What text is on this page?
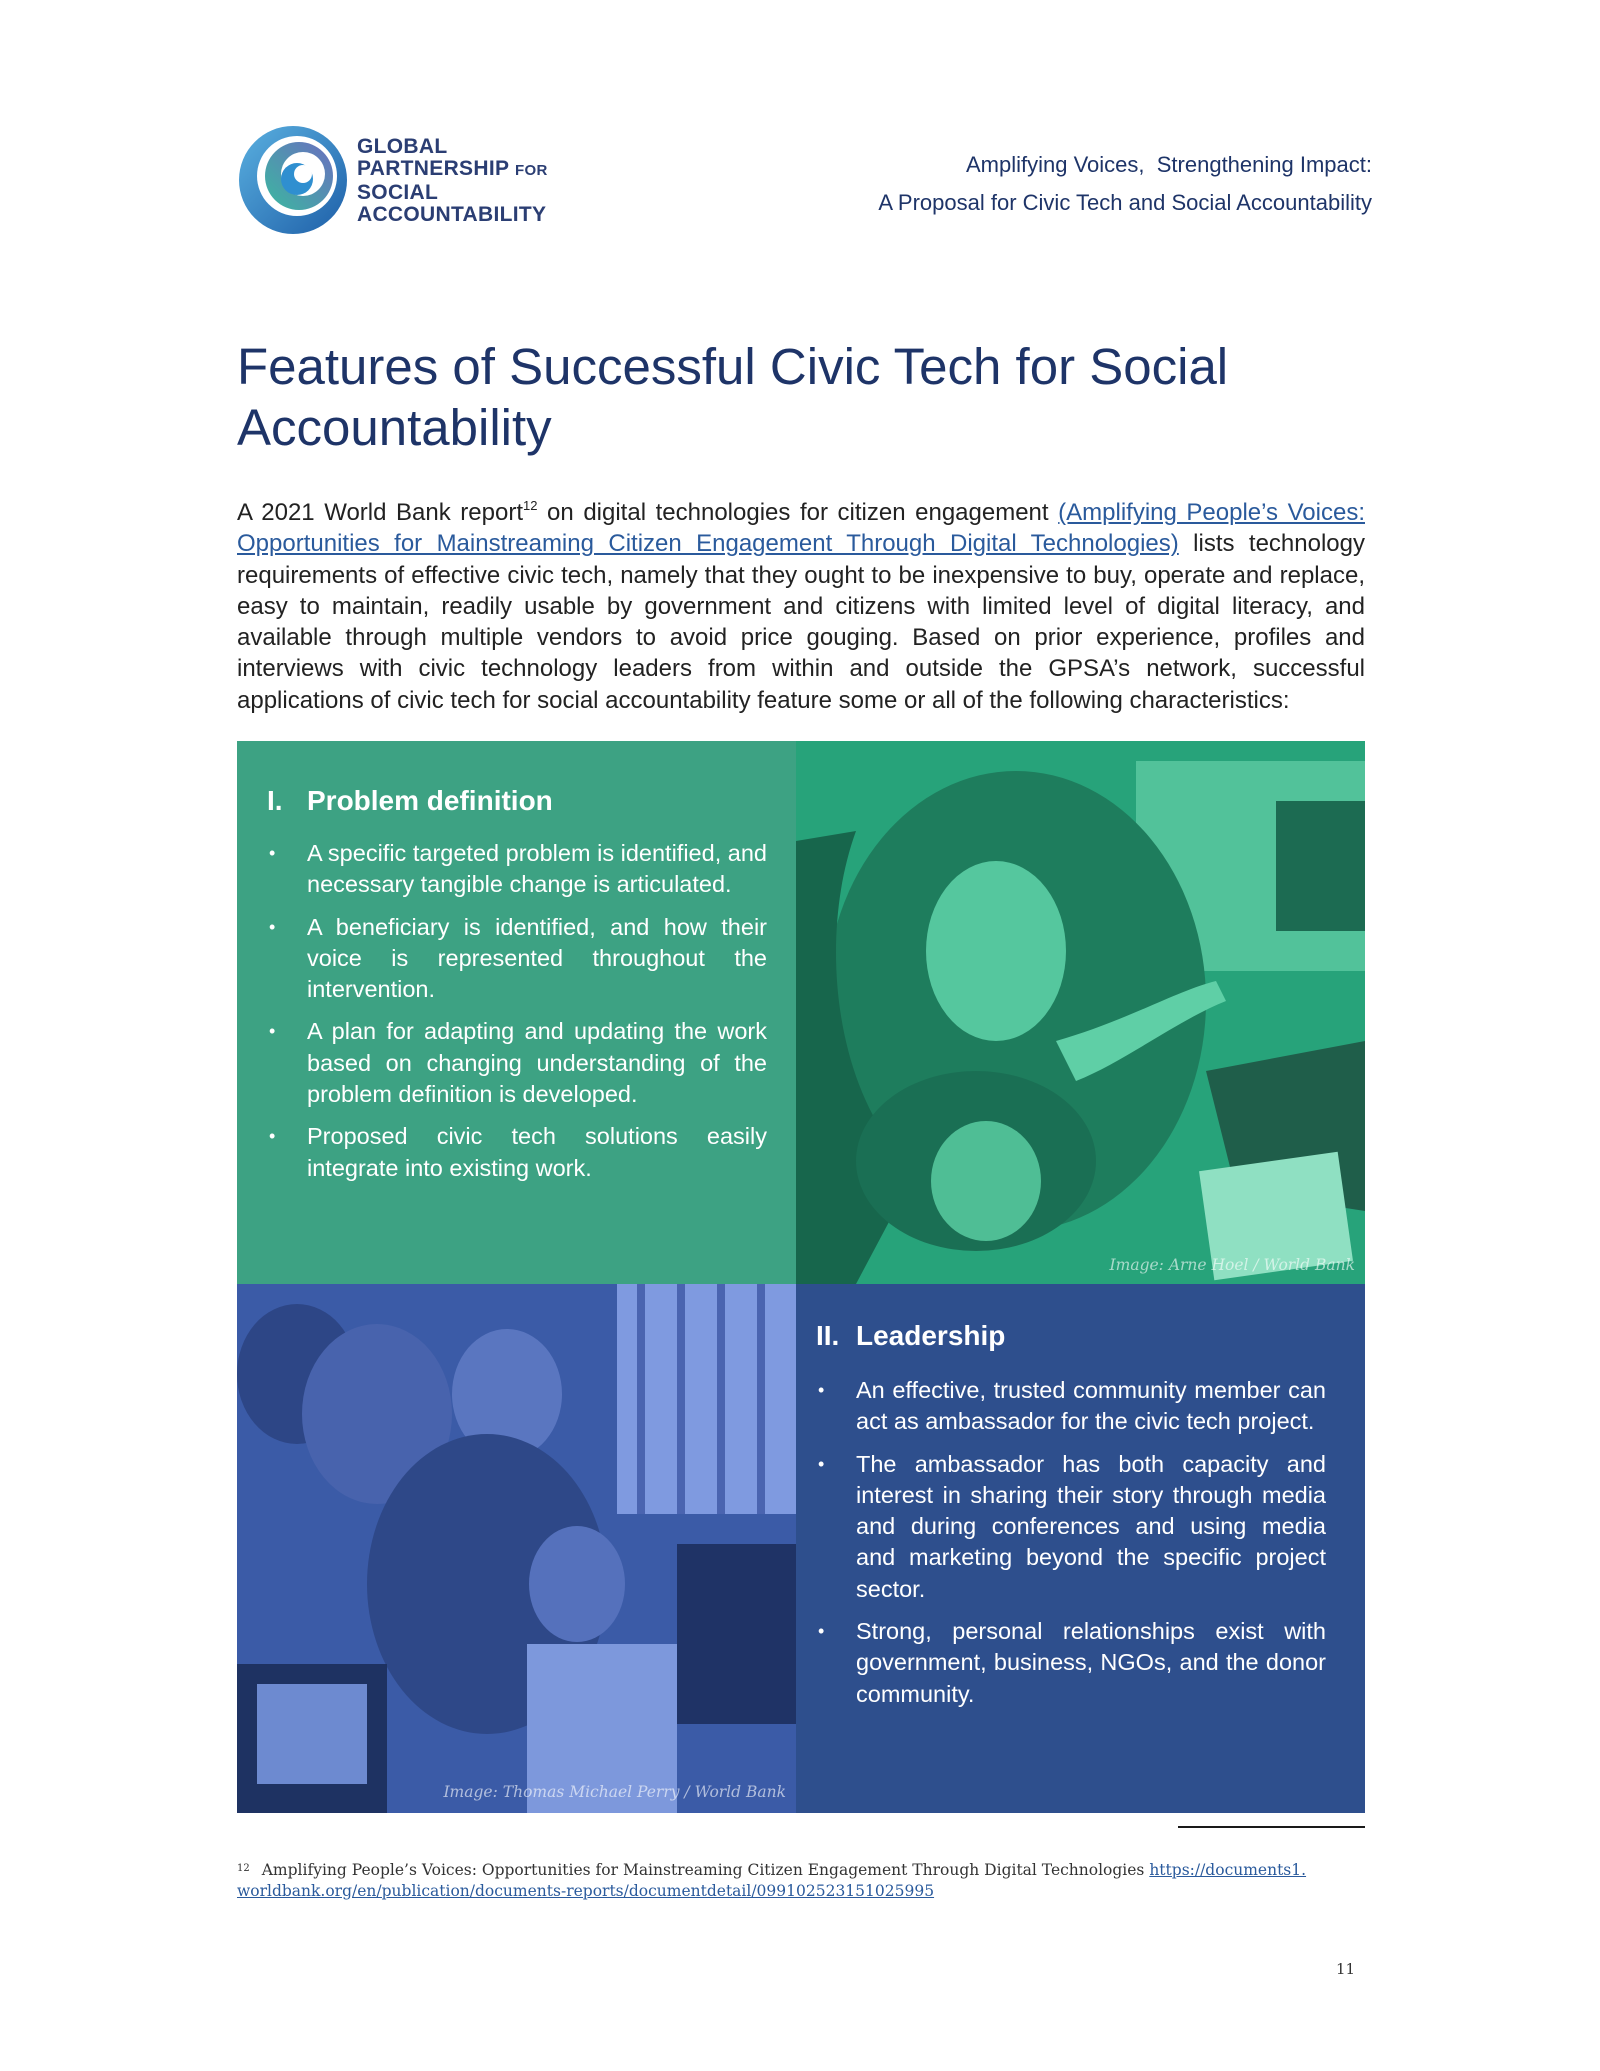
GLOBAL
PARTNERSHIP FOR
SOCIAL
ACCOUNTABILITY
Amplifying Voices,  Strengthening Impact:
A Proposal for Civic Tech and Social Accountability
Features of Successful Civic Tech for Social Accountability

A 2021 World Bank report$^{12}$ on digital technologies for citizen engagement (Amplifying People’s Voices: Opportunities for Mainstreaming Citizen Engagement Through Digital Technologies) lists technology requirements of effective civic tech, namely that they ought to be inexpensive to buy, operate and replace, easy to maintain, readily usable by government and citizens with limited level of digital literacy, and available through multiple vendors to avoid price gouging. Based on prior experience, profiles and interviews with civic technology leaders from within and outside the GPSA’s network, successful applications of civic tech for social accountability feature some or all of the following characteristics:

I. Problem definition
• A specific targeted problem is identified, and necessary tangible change is articulated.
• A beneficiary is identified, and how their voice is represented throughout the intervention.
• A plan for adapting and updating the work based on changing understanding of the problem definition is developed.
• Proposed civic tech solutions easily integrate into existing work.
Image: Arne Hoel / World Bank
Image: Thomas Michael Perry / World Bank
II. Leadership
• An effective, trusted community member can act as ambassador for the civic tech project.
• The ambassador has both capacity and interest in sharing their story through media and during conferences and using media and marketing beyond the specific project sector.
• Strong, personal relationships exist with government, business, NGOs, and the donor community.
$^{12}$ Amplifying People’s Voices: Opportunities for Mainstreaming Citizen Engagement Through Digital Technologies https://documents1.
worldbank.org/en/publication/documents-reports/documentdetail/099102523151025995
11
